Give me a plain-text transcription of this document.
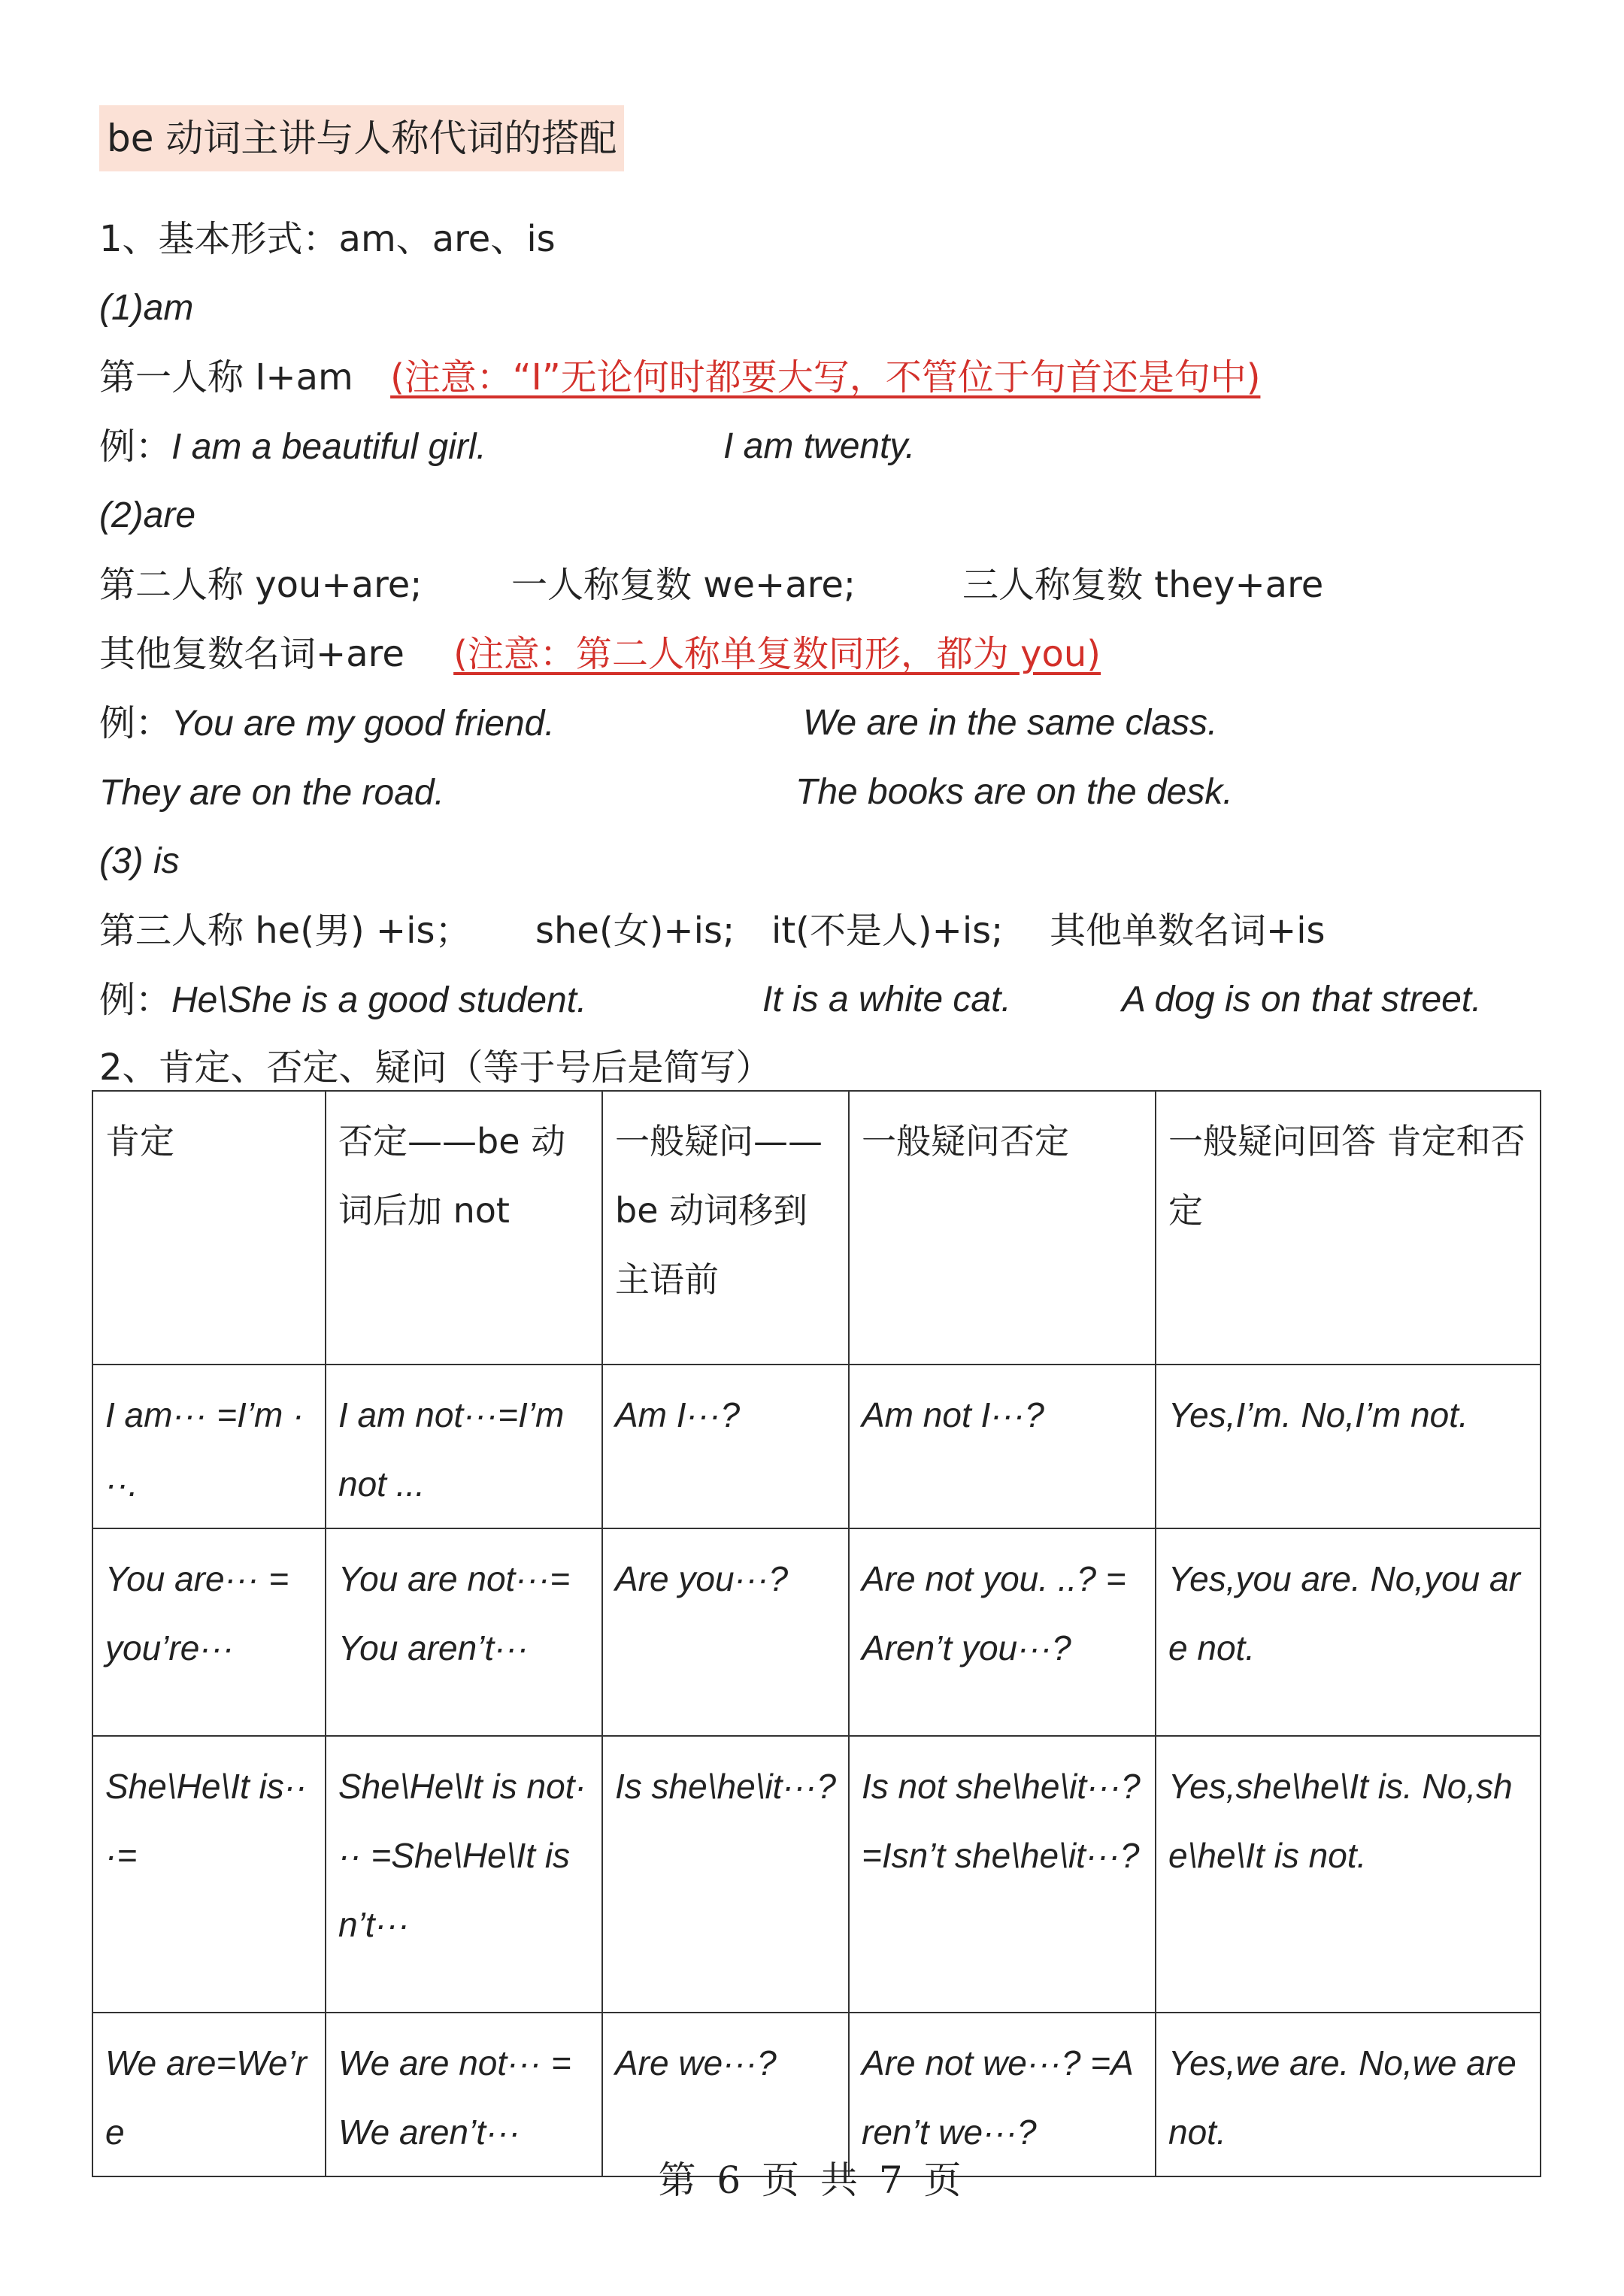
be 动词主讲与人称代词的搭配
1、基本形式：am、are、is
(1)am
第一人称 I+am (注意：“I”无论何时都要大写，不管位于句首还是句中)
例：I am a beautiful girl.	I am twenty.
(2)are
第二人称 you+are; 一人称复数 we+are;	三人称复数 they+are
其他复数名词+are (注意：第二人称单复数同形，都为 you)
例：You are my good friend.	We are in the same class.
They are on the road.	The books are on the desk.
(3) is
第三人称 he(男) +is； she(女)+is; it(不是人)+is; 其他单数名词+is
例：He\She is a good student.	It is a white cat.	A dog is on that street.
2、肯定、否定、疑问（等于号后是简写）
肯定	否定——be 动词后加 not	一般疑问——be 动词移到主语前	一般疑问否定	一般疑问回答 肯定和否定
I am··· =I’m ···.	I am not···=I’m not ...	Am I···?	Am not I···?	Yes,I’m. No,I’m not.
You are··· = you’re···	You are not···=You aren’t···	Are you···?	Are not you. ..? =Aren’t you···?	Yes,you are. No,you are not.
She\He\It is···=	She\He\It is not··· =She\He\It isn’t···	Is she\he\it···?	Is not she\he\it···? =Isn’t she\he\it···?	Yes,she\he\It is. No,she\he\It is not.
We are=We’re	We are not··· =We aren’t···	Are we···?	Are not we···? =Aren’t we···?	Yes,we are. No,we are not.
第 6 页 共 7 页
